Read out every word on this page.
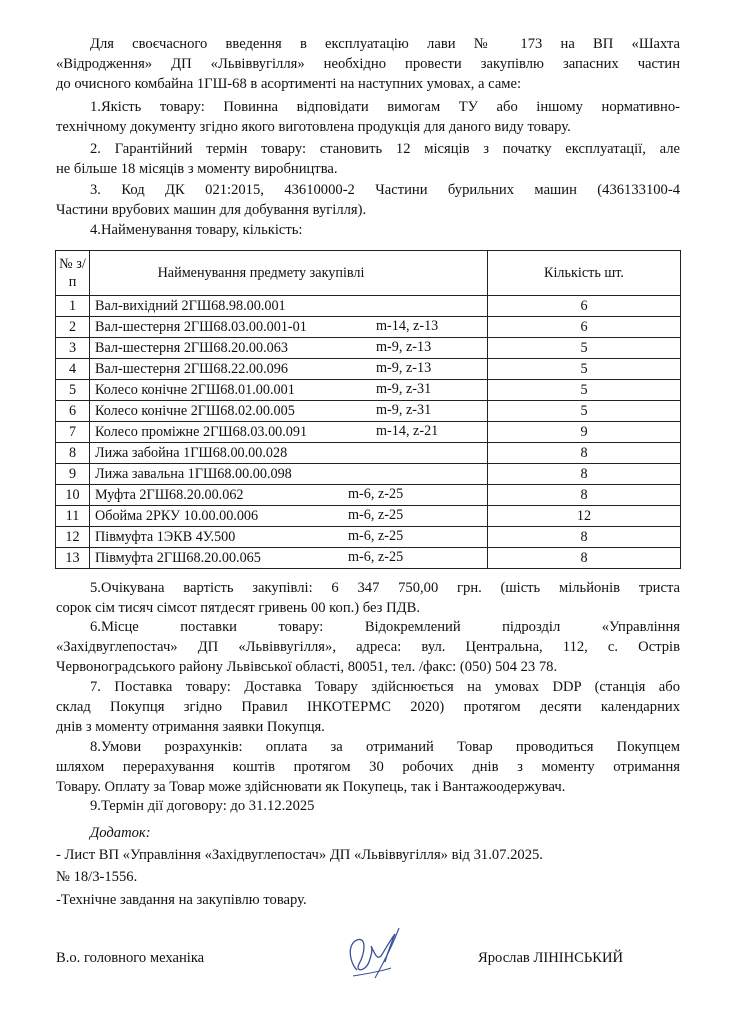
Для своєчасного введення в експлуатацію лави № 173 на ВП «Шахта
«Відродження» ДП «Львіввугілля» необхідно провести закупівлю запасних частин
до очисного комбайна 1ГШ-68 в асортименті на наступних умовах, а саме:

1.Якість товару: Повинна відповідати вимогам ТУ або іншому нормативно-
технічному документу згідно якого виготовлена продукція для даного виду товару.

2. Гарантійний термін товару: становить 12 місяців з початку експлуатації, але
не більше 18 місяців з моменту виробництва.

3. Код ДК 021:2015, 43610000-2 Частини бурильних машин (436133100-4
Частини врубових машин для добування вугілля).

4.Найменування товару, кількість:

№ з/п	Найменування предмету закупівлі	Кількість шт.
1	Вал-вихідний 2ГШ68.98.00.001	6
2	Вал-шестерня 2ГШ68.03.00.001-01 m-14, z-13	6
3	Вал-шестерня 2ГШ68.20.00.063 m-9, z-13	5
4	Вал-шестерня 2ГШ68.22.00.096 m-9, z-13	5
5	Колесо конічне 2ГШ68.01.00.001 m-9, z-31	5
6	Колесо конічне 2ГШ68.02.00.005 m-9, z-31	5
7	Колесо проміжне 2ГШ68.03.00.091 m-14, z-21	9
8	Лижа забойна 1ГШ68.00.00.028	8
9	Лижа завальна 1ГШ68.00.00.098	8
10	Муфта 2ГШ68.20.00.062 m-6, z-25	8
11	Обойма 2РКУ 10.00.00.006 m-6, z-25	12
12	Півмуфта 1ЭКВ 4У.500 m-6, z-25	8
13	Півмуфта 2ГШ68.20.00.065 m-6, z-25	8

5.Очікувана вартість закупівлі: 6 347 750,00 грн. (шість мільйонів триста
сорок сім тисяч сімсот пятдесят гривень 00 коп.) без ПДВ.

6.Місце поставки товару: Відокремлений підрозділ «Управління
«Західвуглепостач» ДП «Львіввугілля», адреса: вул. Центральна, 112, с. Острів
Червоноградського району Львівської області, 80051, тел. /факс: (050) 504 23 78.

7. Поставка товару: Доставка Товару здійснюється на умовах DDP (станція або
склад Покупця згідно Правил ІНКОТЕРМС 2020) протягом десяти календарних
днів з моменту отримання заявки Покупця.

8.Умови розрахунків: оплата за отриманий Товар проводиться Покупцем
шляхом перерахування коштів протягом 30 робочих днів з моменту отримання
Товару. Оплату за Товар може здійснювати як Покупець, так і Вантажоодержувач.

9.Термін дії договору: до 31.12.2025

Додаток:
- Лист ВП «Управління «Західвуглепостач» ДП «Львіввугілля» від 31.07.2025.
№ 18/3-1556.
-Технічне завдання на закупівлю товару.
В.о. головного механіка	Ярослав ЛІНІНСЬКИЙ
